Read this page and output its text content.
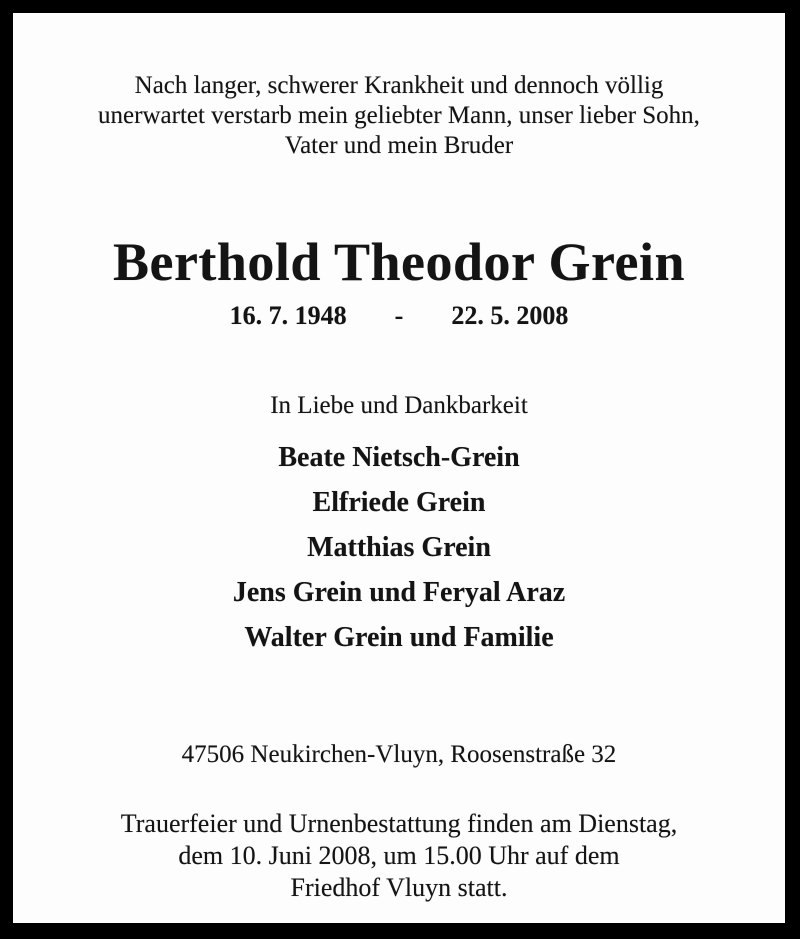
Nach langer, schwerer Krankheit und dennoch völlig
unerwartet verstarb mein geliebter Mann, unser lieber Sohn,
Vater und mein Bruder
Berthold Theodor Grein
16. 7. 1948 - 22. 5. 2008
In Liebe und Dankbarkeit
Beate Nietsch-Grein
Elfriede Grein
Matthias Grein
Jens Grein und Feryal Araz
Walter Grein und Familie
47506 Neukirchen-Vluyn, Roosenstraße 32
Trauerfeier und Urnenbestattung finden am Dienstag,
dem 10. Juni 2008, um 15.00 Uhr auf dem
Friedhof Vluyn statt.
